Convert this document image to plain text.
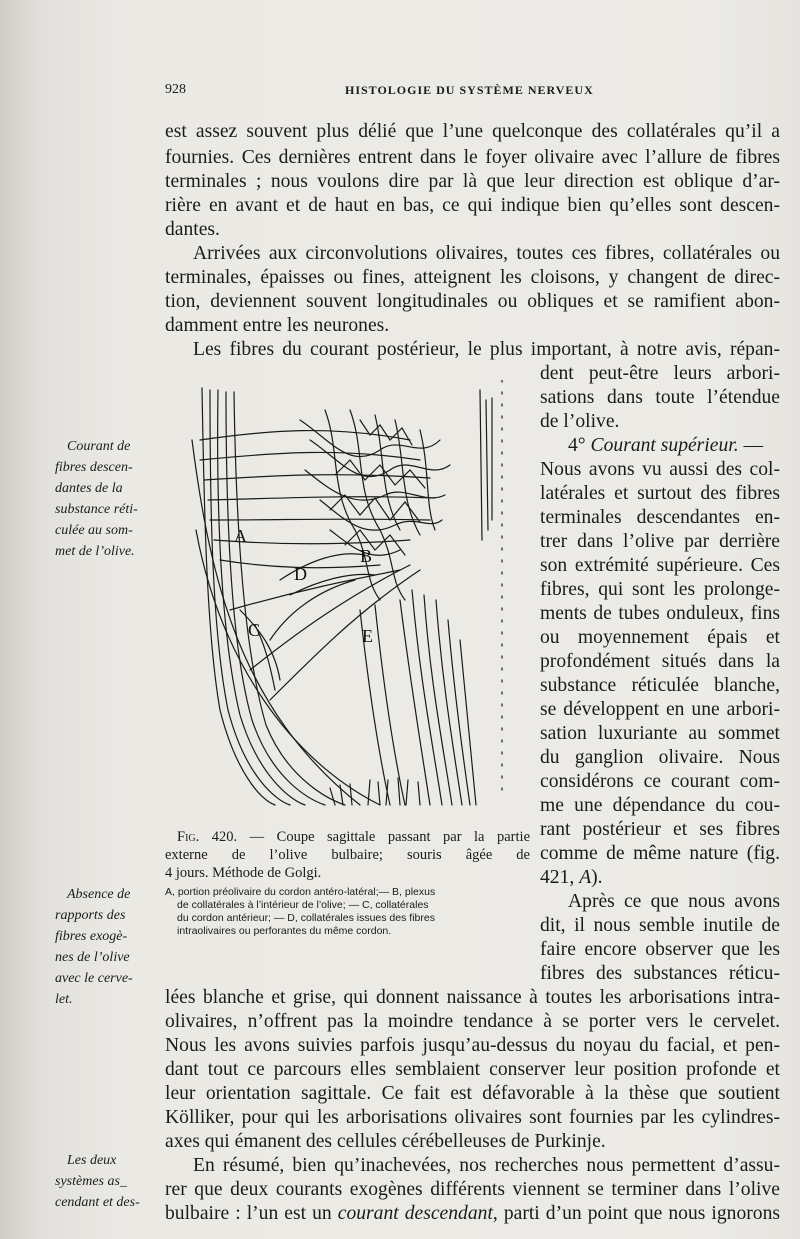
928	HISTOLOGIE DU SYSTÈME NERVEUX
est assez souvent plus délié que l’une quelconque des collatérales qu’il a
fournies. Ces dernières entrent dans le foyer olivaire avec l’allure de fibres
terminales ; nous voulons dire par là que leur direction est oblique d’ar-
rière en avant et de haut en bas, ce qui indique bien qu’elles sont descen-
dantes.
Arrivées aux circonvolutions olivaires, toutes ces fibres, collatérales ou
terminales, épaisses ou fines, atteignent les cloisons, y changent de direc-
tion, deviennent souvent longitudinales ou obliques et se ramifient abon-
damment entre les neurones.
Les fibres du courant postérieur, le plus important, à notre avis, répan-
dent peut-être leurs arbori-
sations dans toute l’étendue
de l’olive.
4° Courant supérieur. —
Nous avons vu aussi des col-
latérales et surtout des fibres
terminales descendantes en-
trer dans l’olive par derrière
son extrémité supérieure. Ces
fibres, qui sont les prolonge-
ments de tubes onduleux, fins
ou moyennement épais et
profondément situés dans la
substance réticulée blanche,
se développent en une arbori-
sation luxuriante au sommet
du ganglion olivaire. Nous
considérons ce courant com-
me une dépendance du cou-
rant postérieur et ses fibres
comme de même nature (fig.
421, A).
Après ce que nous avons
dit, il nous semble inutile de
faire encore observer que les
fibres des substances réticu-
lées blanche et grise, qui donnent naissance à toutes les arborisations intra-
olivaires, n’offrent pas la moindre tendance à se porter vers le cervelet.
Nous les avons suivies parfois jusqu’au-dessus du noyau du facial, et pen-
dant tout ce parcours elles semblaient conserver leur position profonde et
leur orientation sagittale. Ce fait est défavorable à la thèse que soutient
Kölliker, pour qui les arborisations olivaires sont fournies par les cylindres-
axes qui émanent des cellules cérébelleuses de Purkinje.
En résumé, bien qu’inachevées, nos recherches nous permettent d’assu-
rer que deux courants exogènes différents viennent se terminer dans l’olive
bulbaire : l’un est un courant descendant, parti d’un point que nous ignorons
Courant de
fibres descen-
dantes de la
substance réti-
culée au som-
met de l’olive.
Absence de
rapports des
fibres exogè-
nes de l’olive
avec le cerve-
let.
Les deux
systèmes as_
cendant et des-
A
B
C
D
E
Fig. 420. — Coupe sagittale passant par la partie
externe de l’olive bulbaire; souris âgée de
4 jours. Méthode de Golgi.
A, portion préolivaire du cordon antéro-latéral;— B, plexus
de collatérales à l’intérieur de l’olive; — C, collatérales
du cordon antérieur; — D, collatérales issues des fibres
intraolivaires ou perforantes du même cordon.
